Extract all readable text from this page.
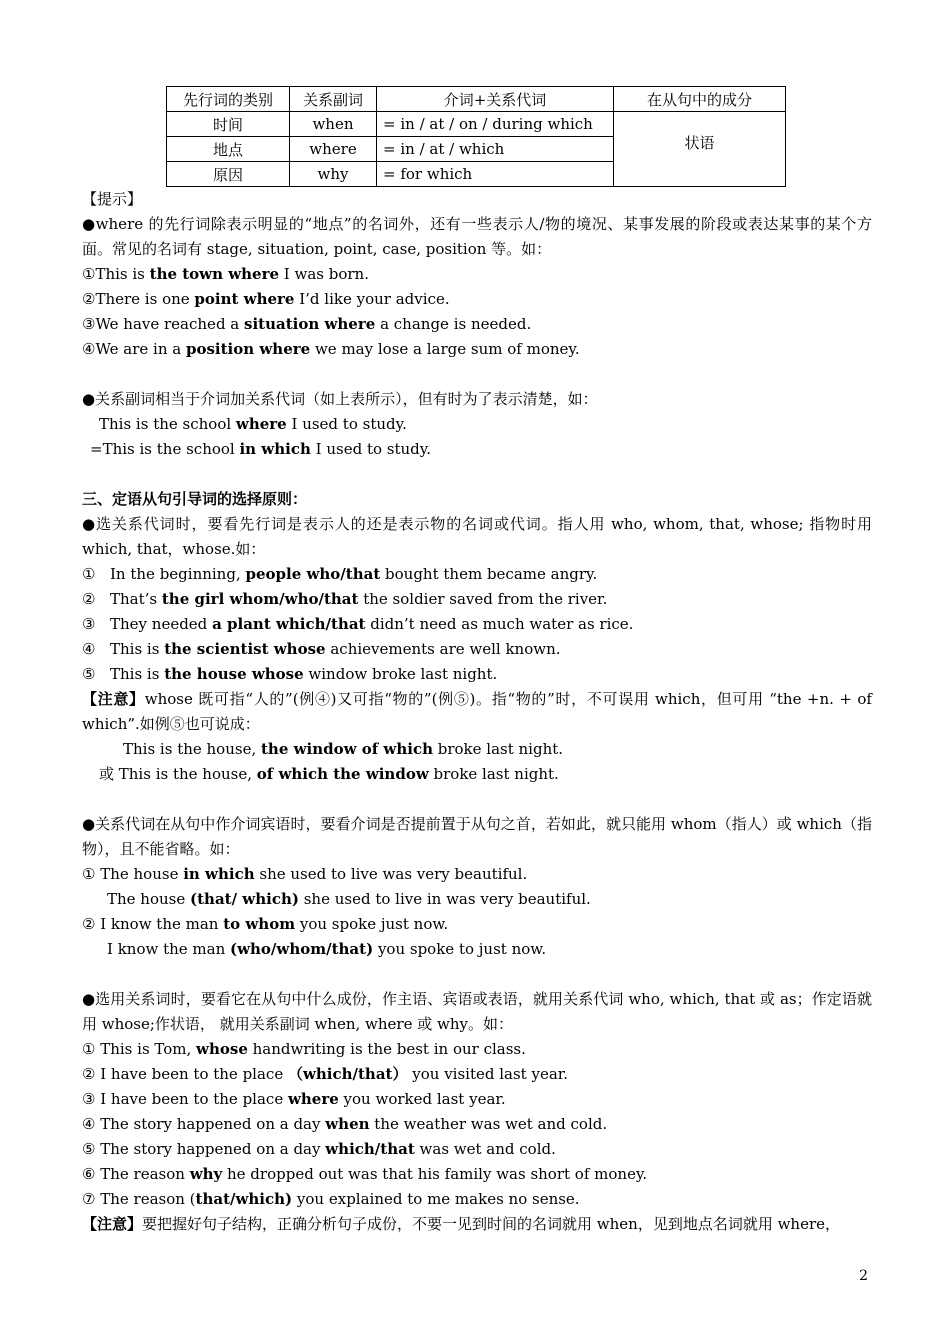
先行词的类别	关系副词	介词+关系代词	在从句中的成分
时间	when	= in / at / on / during which	状语
地点	where	= in / at / which	
原因	why	= for which	
【提示】
●where 的先行词除表示明显的“地点”的名词外，还有一些表示人/物的境况、某事发展的阶段或表达某事的某个方面。常见的名词有 stage, situation, point, case, position 等。如：
①This is the town where I was born.
②There is one point where I’d like your advice.
③We have reached a situation where a change is needed.
④We are in a position where we may lose a large sum of money.
●关系副词相当于介词加关系代词（如上表所示），但有时为了表示清楚，如：
This is the school where I used to study.
=This is the school in which I used to study.
三、定语从句引导词的选择原则：
●选关系代词时，要看先行词是表示人的还是表示物的名词或代词。指人用 who, whom, that, whose; 指物时用 which, that，whose.如：
① In the beginning, people who/that bought them became angry.
② That’s the girl whom/who/that the soldier saved from the river.
③ They needed a plant which/that didn’t need as much water as rice.
④ This is the scientist whose achievements are well known.
⑤ This is the house whose window broke last night.
【注意】whose 既可指“人的”(例④)又可指“物的”(例⑤)。指“物的”时，不可误用 which，但可用 “the +n. + of which”.如例⑤也可说成：
This is the house, the window of which broke last night.
或 This is the house, of which the window broke last night.
●关系代词在从句中作介词宾语时，要看介词是否提前置于从句之首，若如此，就只能用 whom（指人）或 which（指物），且不能省略。如：
① The house in which she used to live was very beautiful.
The house (that/ which) she used to live in was very beautiful.
② I know the man to whom you spoke just now.
I know the man (who/whom/that) you spoke to just now.
●选用关系词时，要看它在从句中什么成份，作主语、宾语或表语，就用关系代词 who, which, that 或 as；作定语就用 whose;作状语， 就用关系副词 when, where 或 why。如：
① This is Tom, whose handwriting is the best in our class.
② I have been to the place （which/that） you visited last year.
③ I have been to the place where you worked last year.
④ The story happened on a day when the weather was wet and cold.
⑤ The story happened on a day which/that was wet and cold.
⑥ The reason why he dropped out was that his family was short of money.
⑦ The reason (that/which) you explained to me makes no sense.
【注意】要把握好句子结构，正确分析句子成份，不要一见到时间的名词就用 when，见到地点名词就用 where，
2
